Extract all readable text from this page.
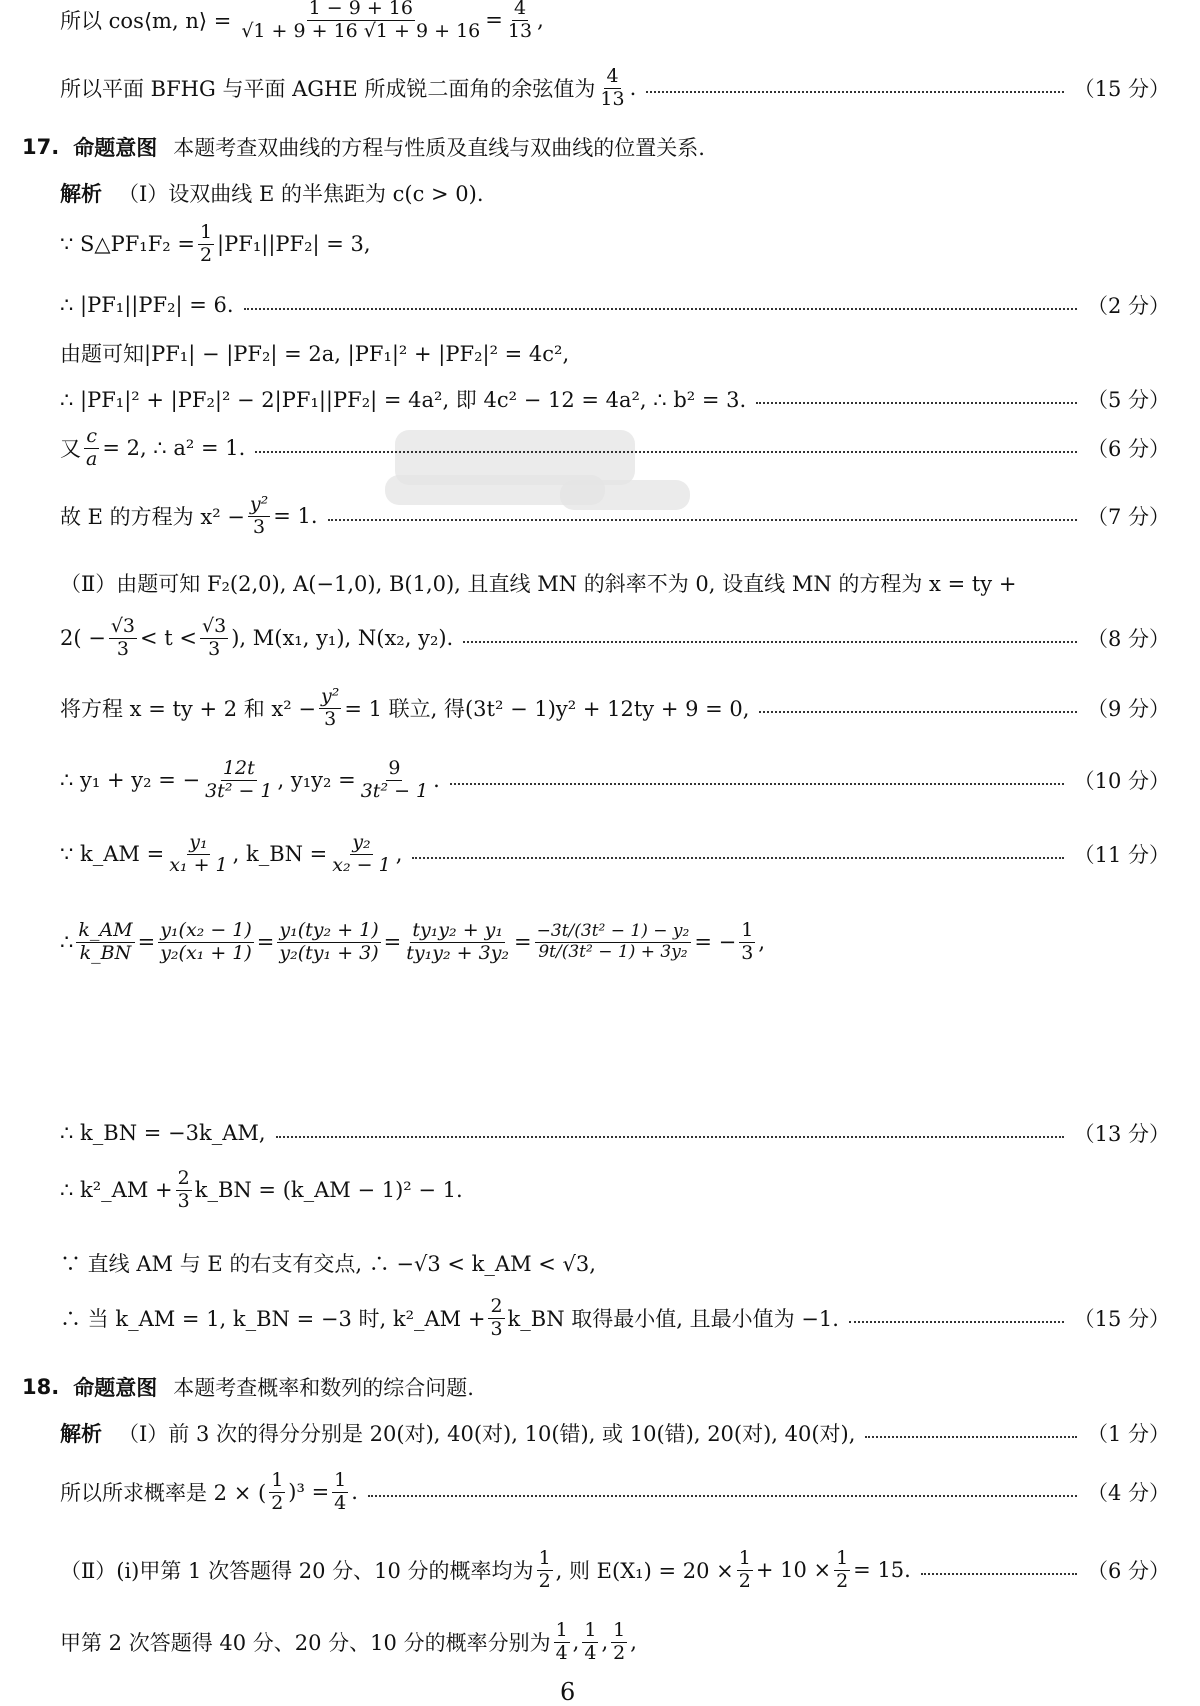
所以 cos⟨m, n⟩ = $\frac{1 - 9 + 16}{√1 + 9 + 16 √1 + 9 + 16} = \frac{4}{13}$ ,
所以平面 BFHG 与平面 AGHE 所成锐二面角的余弦值为 $\frac{4}{13}$ .	（15 分）
17. 命题意图 本题考查双曲线的方程与性质及直线与双曲线的位置关系.
解析 （Ⅰ）设双曲线 E 的半焦距为 c(c > 0).
∵ S△PF₁F₂ = $\frac{1}{2} |PF_1||PF_2| = 3$,
∴ |PF₁||PF₂| = 6.	（2 分）
由题可知|PF₁| − |PF₂| = 2a, |PF₁|² + |PF₂|² = 4c²,
∴ |PF₁|² + |PF₂|² − 2|PF₁||PF₂| = 4a², 即 4c² − 12 = 4a², ∴ b² = 3.	（5 分）
又 $\frac{c}{a} = 2$, ∴ a² = 1.	（6 分）
故 E 的方程为 $x^2 - \frac{\text{y²}}{3} = 1$.	（7 分）
（Ⅱ）由题可知 F₂(2,0), A(−1,0), B(1,0), 且直线 MN 的斜率不为 0, 设直线 MN 的方程为 x = ty +
$2( - \frac{√3}{3} < t < \frac{√3}{3}$ ), M(x₁, y₁), N(x₂, y₂).	（8 分）
将方程 x = ty + 2 和 $x^2 - \frac{\text{y²}}{3} = 1$ 联立, 得(3t² − 1)y² + 12ty + 9 = 0,	（9 分）
∴ y₁ + y₂ = − $\frac{12t}{\text{3t² − 1}}$ , $y_1y_2 = \frac{9}{\text{3t² − 1}}$ .	（10 分）
∵ k_AM = $\frac{\text{y₁}}{\text{x₁ + 1}}$ , k_BN = $\frac{\text{y₂}}{\text{x₂ − 1}}$ ,	（11 分）
∴ $\frac{k\_AM}{k\_BN} = \frac{\text{y₁(x₂ − 1)}}{\text{y₂(x₁ + 1)}} = \frac{\text{y₁(ty₂ + 1)}}{\text{y₂(ty₁ + 3)}} = \frac{\text{ty₁y₂ + y₁}}{\text{ty₁y₂ + 3y₂}} = \frac{\text{−3t/(3t² − 1) − y₂}}{\text{9t/(3t² − 1) + 3y₂}}$ = − $\frac{1}{3}$ ,
∴ k_BN = −3k_AM,	（13 分）
∴ k²_AM + $\frac{2}{3}$ k_BN = (k_AM − 1)² − 1.
∵ 直线 AM 与 E 的右支有交点, ∴ −√3 < k_AM < √3,
∴ 当 k_AM = 1, k_BN = −3 时, k²_AM + $\frac{2}{3}$ k_BN 取得最小值, 且最小值为 −1.	（15 分）
18. 命题意图 本题考查概率和数列的综合问题.
解析 （Ⅰ）前 3 次的得分分别是 20(对), 40(对), 10(错), 或 10(错), 20(对), 40(对),	（1 分）
所以所求概率是 2 × ( $\frac{1}{2} )^3 = \frac{1}{4}$ .	（4 分）
（Ⅱ）(ⅰ)甲第 1 次答题得 20 分、10 分的概率均为 $\frac{1}{2}$ , 则 $E(X_1) = 20 \times \frac{1}{2} + 10 \times \frac{1}{2} = 15$.	（6 分）
甲第 2 次答题得 40 分、20 分、10 分的概率分别为 $\frac{1}{4}$ , $\frac{1}{4}$ , $\frac{1}{2}$ ,
6
